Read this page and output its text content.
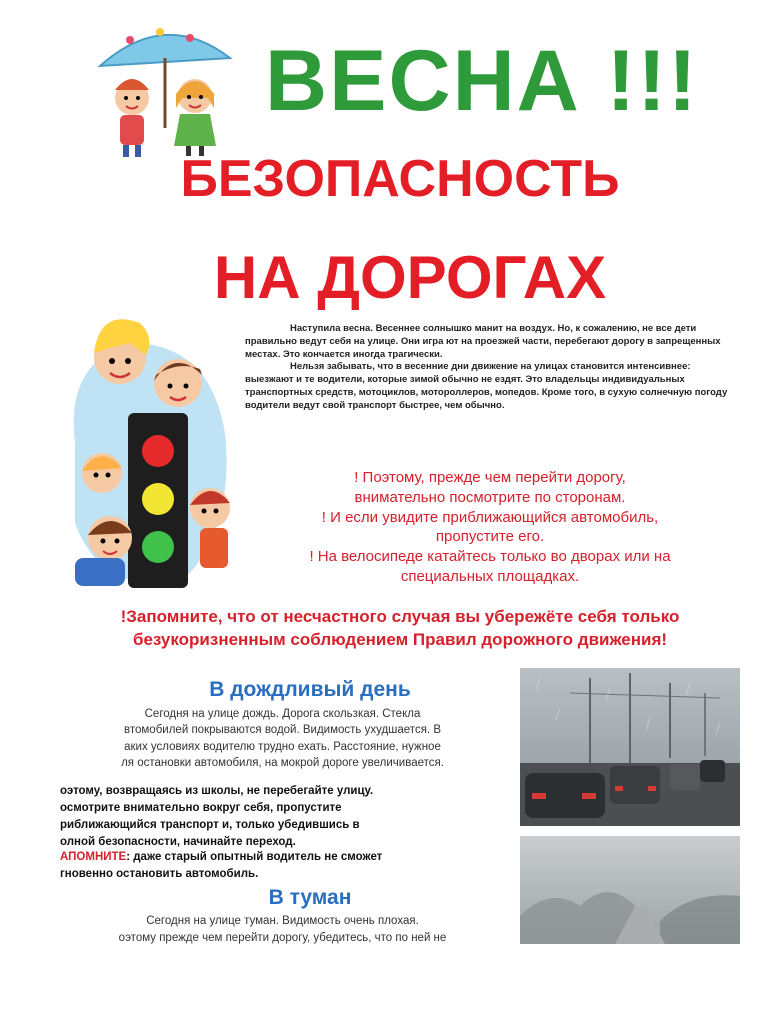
ВЕСНА !!!
БЕЗОПАСНОСТЬ
НА ДОРОГАХ

Наступила весна. Весеннее солнышко манит на воздух. Но, к сожалению, не все дети правильно ведут себя на улице. Они игра ют на проезжей части, перебегают дорогу в запрещенных местах. Это кончается иногда трагически.

Нельзя забывать, что в весенние дни движение на улицах становится интенсивнее: выезжают и те водители, которые зимой обычно не ездят. Это владельцы индивидуальных транспортных средств, мотоциклов, мотороллеров, мопедов. Кроме того, в сухую солнечную погоду водители ведут свой транспорт быстрее, чем обычно.

! Поэтому, прежде чем перейти дорогу,
внимательно посмотрите по сторонам.
! И если увидите приближающийся автомобиль,
пропустите его.
! На велосипеде катайтесь только во дворах или на
специальных площадках.
!Запомните, что от несчастного случая вы убережёте себя только
безукоризненным соблюдением Правил дорожного движения!
В дождливый день
Сегодня на улице дождь. Дорога скользкая. Стекла
втомобилей покрываются водой. Видимость ухудшается. В
аких условиях водителю трудно ехать. Расстояние, нужное
ля остановки автомобиля, на мокрой дороге увеличивается.
оэтому, возвращаясь из школы, не перебегайте улицу.
осмотрите внимательно вокруг себя, пропустите
риближающийся транспорт и, только убедившись в
олной безопасности, начинайте переход.
АПОМНИТЕ: даже старый опытный водитель не сможет
гновенно остановить автомобиль.
В туман
Сегодня на улице туман. Видимость очень плохая.
оэтому прежде чем перейти дорогу, убедитесь, что по ней не
